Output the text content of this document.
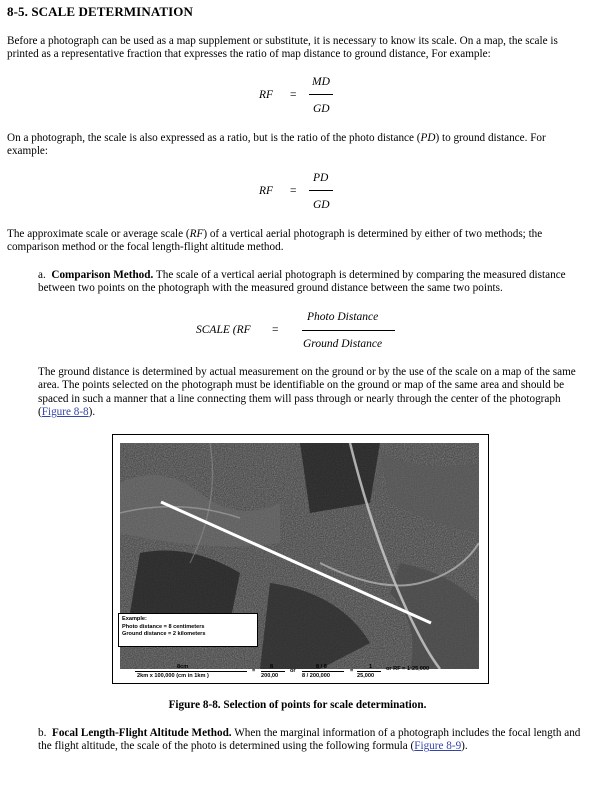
8-5. SCALE DETERMINATION
Before a photograph can be used as a map supplement or substitute, it is necessary to know its scale. On a map, the scale is printed as a representative fraction that expresses the ratio of map distance to ground distance, For example:
RF =
MD
GD
On a photograph, the scale is also expressed as a ratio, but is the ratio of the photo distance (PD) to ground distance. For example:
RF =
PD
GD
The approximate scale or average scale (RF) of a vertical aerial photograph is determined by either of two methods; the comparison method or the focal length-flight altitude method.
a. Comparison Method. The scale of a vertical aerial photograph is determined by comparing the measured distance between two points on the photograph with the measured ground distance between the same two points.
SCALE (RF =
Photo Distance
Ground Distance
The ground distance is determined by actual measurement on the ground or by the use of the scale on a map of the same area. The points selected on the photograph must be identifiable on the ground or map of the same area and should be spaced in such a manner that a line connecting them will pass through or nearly through the center of the photograph (Figure 8-8).
Example:
Photo distance = 8 centimeters
Ground distance = 2 kilometers
8cm
2km x 100,000 (cm in 1km )
=
8
200,00
or
8 / 8
8 / 200,000
=
1
25,000
or RF = 1:25,000
Figure 8-8. Selection of points for scale determination.
b. Focal Length-Flight Altitude Method. When the marginal information of a photograph includes the focal length and the flight altitude, the scale of the photo is determined using the following formula (Figure 8-9).
